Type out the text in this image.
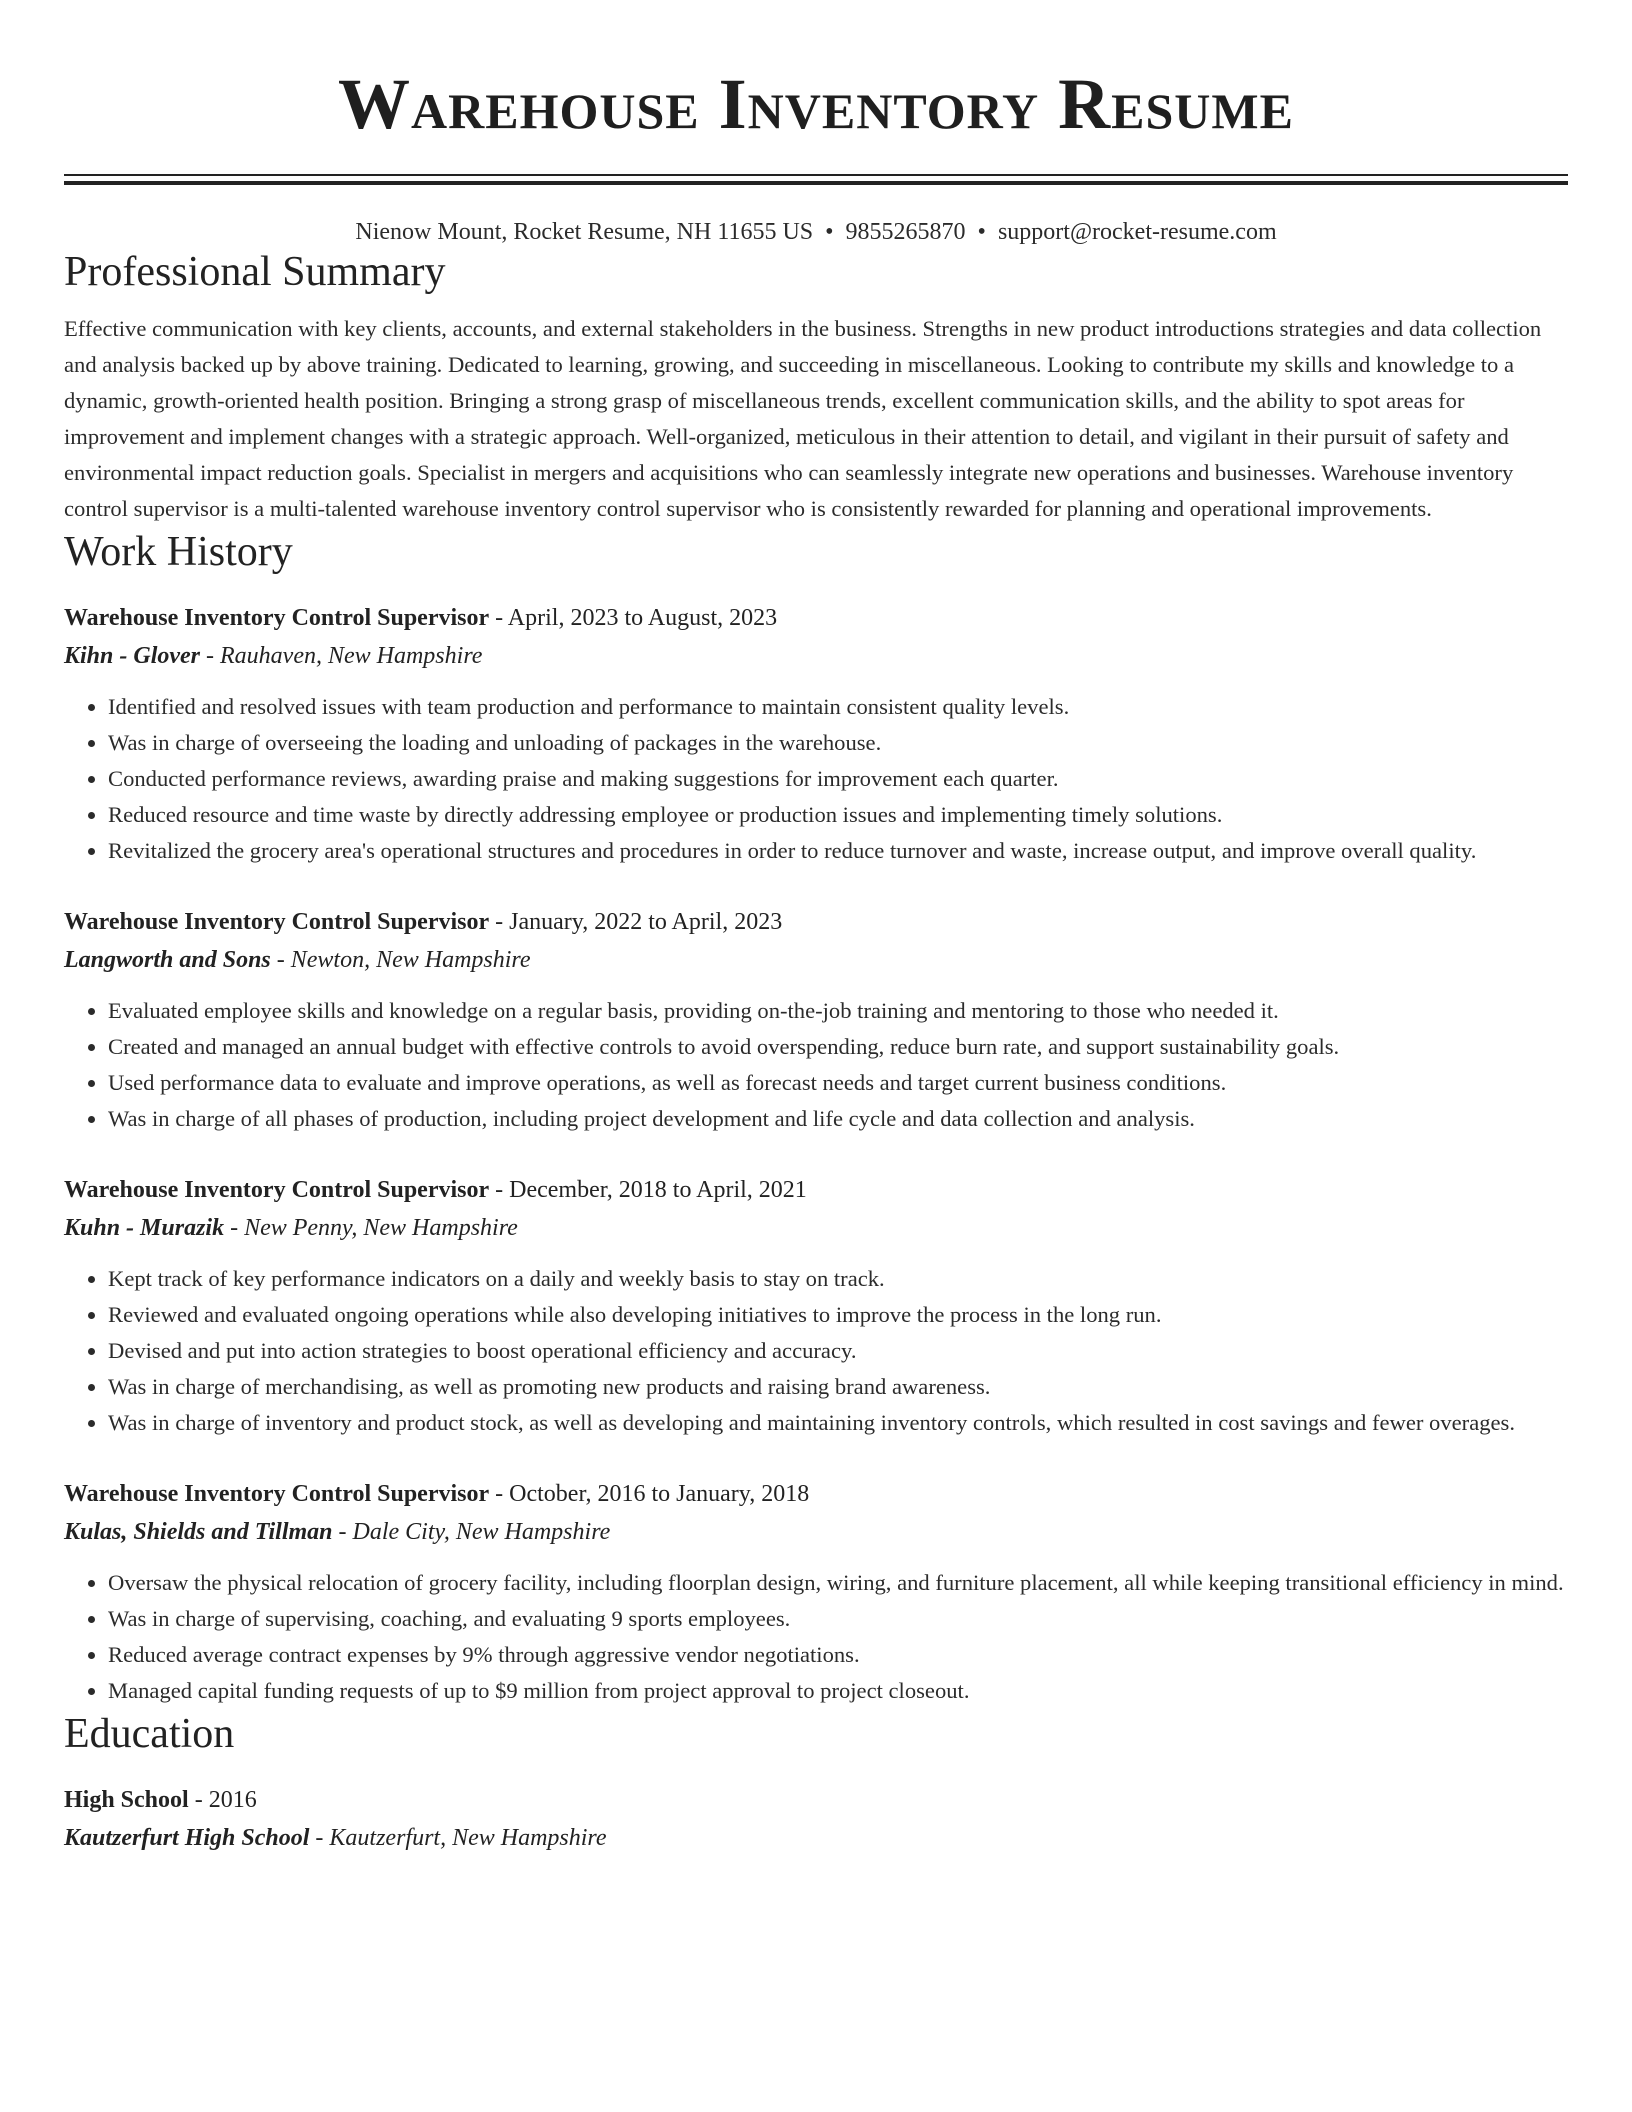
Warehouse Inventory Resume
Nienow Mount, Rocket Resume, NH 11655 US • 9855265870 • support@rocket-resume.com
Professional Summary
Effective communication with key clients, accounts, and external stakeholders in the business. Strengths in new product introductions strategies and data collection and analysis backed up by above training. Dedicated to learning, growing, and succeeding in miscellaneous. Looking to contribute my skills and knowledge to a dynamic, growth-oriented health position. Bringing a strong grasp of miscellaneous trends, excellent communication skills, and the ability to spot areas for improvement and implement changes with a strategic approach. Well-organized, meticulous in their attention to detail, and vigilant in their pursuit of safety and environmental impact reduction goals. Specialist in mergers and acquisitions who can seamlessly integrate new operations and businesses. Warehouse inventory control supervisor is a multi-talented warehouse inventory control supervisor who is consistently rewarded for planning and operational improvements.
Work History
Warehouse Inventory Control Supervisor - April, 2023 to August, 2023
Kihn - Glover - Rauhaven, New Hampshire
• Identified and resolved issues with team production and performance to maintain consistent quality levels.
• Was in charge of overseeing the loading and unloading of packages in the warehouse.
• Conducted performance reviews, awarding praise and making suggestions for improvement each quarter.
• Reduced resource and time waste by directly addressing employee or production issues and implementing timely solutions.
• Revitalized the grocery area's operational structures and procedures in order to reduce turnover and waste, increase output, and improve overall quality.
Warehouse Inventory Control Supervisor - January, 2022 to April, 2023
Langworth and Sons - Newton, New Hampshire
• Evaluated employee skills and knowledge on a regular basis, providing on-the-job training and mentoring to those who needed it.
• Created and managed an annual budget with effective controls to avoid overspending, reduce burn rate, and support sustainability goals.
• Used performance data to evaluate and improve operations, as well as forecast needs and target current business conditions.
• Was in charge of all phases of production, including project development and life cycle and data collection and analysis.
Warehouse Inventory Control Supervisor - December, 2018 to April, 2021
Kuhn - Murazik - New Penny, New Hampshire
• Kept track of key performance indicators on a daily and weekly basis to stay on track.
• Reviewed and evaluated ongoing operations while also developing initiatives to improve the process in the long run.
• Devised and put into action strategies to boost operational efficiency and accuracy.
• Was in charge of merchandising, as well as promoting new products and raising brand awareness.
• Was in charge of inventory and product stock, as well as developing and maintaining inventory controls, which resulted in cost savings and fewer overages.
Warehouse Inventory Control Supervisor - October, 2016 to January, 2018
Kulas, Shields and Tillman - Dale City, New Hampshire
• Oversaw the physical relocation of grocery facility, including floorplan design, wiring, and furniture placement, all while keeping transitional efficiency in mind.
• Was in charge of supervising, coaching, and evaluating 9 sports employees.
• Reduced average contract expenses by 9% through aggressive vendor negotiations.
• Managed capital funding requests of up to $9 million from project approval to project closeout.
Education
High School - 2016
Kautzerfurt High School - Kautzerfurt, New Hampshire
